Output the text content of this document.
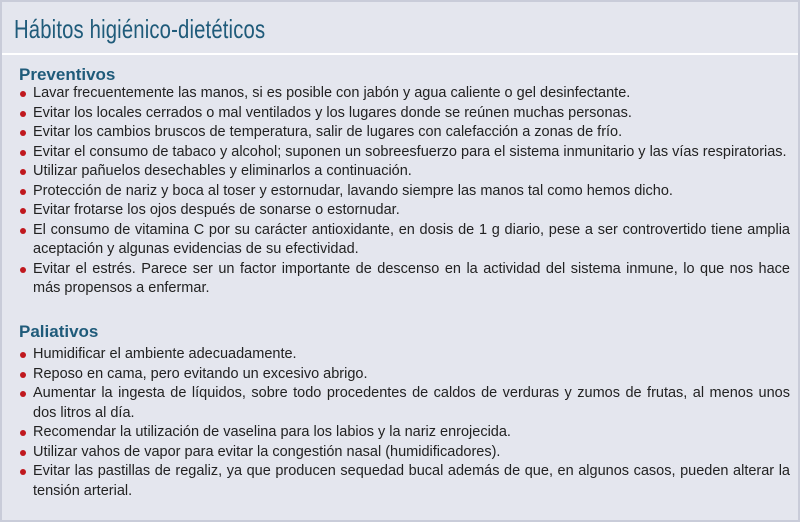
Hábitos higiénico-dietéticos
Preventivos
Lavar frecuentemente las manos, si es posible con jabón y agua caliente o gel desinfectante.
Evitar los locales cerrados o mal ventilados y los lugares donde se reúnen muchas personas.
Evitar los cambios bruscos de temperatura, salir de lugares con calefacción a zonas de frío.
Evitar el consumo de tabaco y alcohol; suponen un sobreesfuerzo para el sistema inmunitario y las vías respiratorias.
Utilizar pañuelos desechables y eliminarlos a continuación.
Protección de nariz y boca al toser y estornudar, lavando siempre las manos tal como hemos dicho.
Evitar frotarse los ojos después de sonarse o estornudar.
El consumo de vitamina C por su carácter antioxidante, en dosis de 1 g diario, pese a ser controvertido tiene amplia aceptación y algunas evidencias de su efectividad.
Evitar el estrés. Parece ser un factor importante de descenso en la actividad del sistema inmune, lo que nos hace más propensos a enfermar.
Paliativos
Humidificar el ambiente adecuadamente.
Reposo en cama, pero evitando un excesivo abrigo.
Aumentar la ingesta de líquidos, sobre todo procedentes de caldos de verduras y zumos de frutas, al menos unos dos litros al día.
Recomendar la utilización de vaselina para los labios y la nariz enrojecida.
Utilizar vahos de vapor para evitar la congestión nasal (humidificadores).
Evitar las pastillas de regaliz, ya que producen sequedad bucal además de que, en algunos casos, pueden alterar la tensión arterial.
